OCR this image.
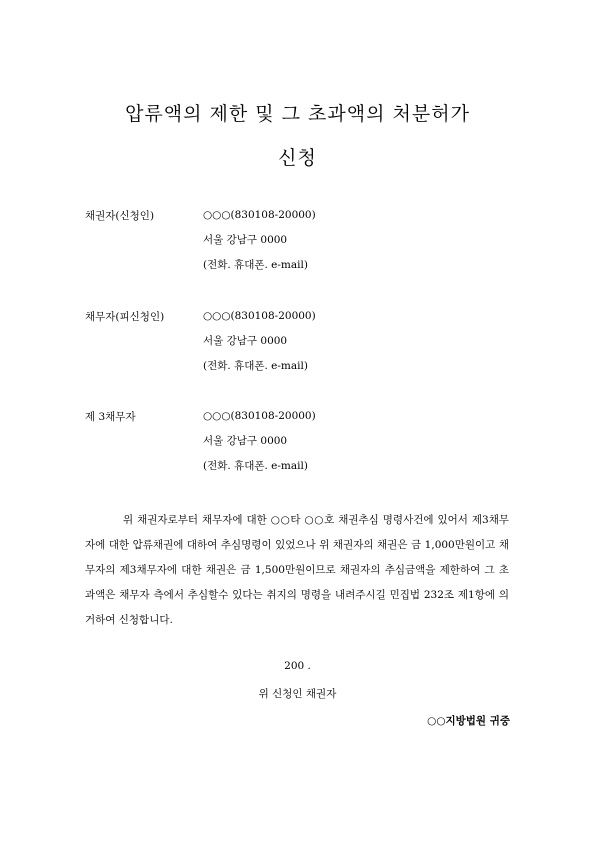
압류액의 제한 및 그 초과액의 처분허가
신청
채권자(신청인)	○○○(830108-20000)
서울 강남구 0000
(전화. 휴대폰. e-mail)
채무자(피신청인)	○○○(830108-20000)
서울 강남구 0000
(전화. 휴대폰. e-mail)
제 3채무자	○○○(830108-20000)
서울 강남구 0000
(전화. 휴대폰. e-mail)

위 채권자로부터 채무자에 대한 ○○타 ○○호 채권추심 명령사건에 있어서 제3채무자에 대한 압류채권에 대하여 추심명령이 있었으나 위 채권자의 채권은 금 1,000만원이고 채무자의 제3채무자에 대한 채권은 금 1,500만원이므로 채권자의 추심금액을 제한하여 그 초과액은 채무자 측에서 추심할수 있다는 취지의 명령을 내려주시길 민집법 232조 제1항에 의거하여 신청합니다.

200 .
위 신청인 채권자
○○지방법원 귀중
